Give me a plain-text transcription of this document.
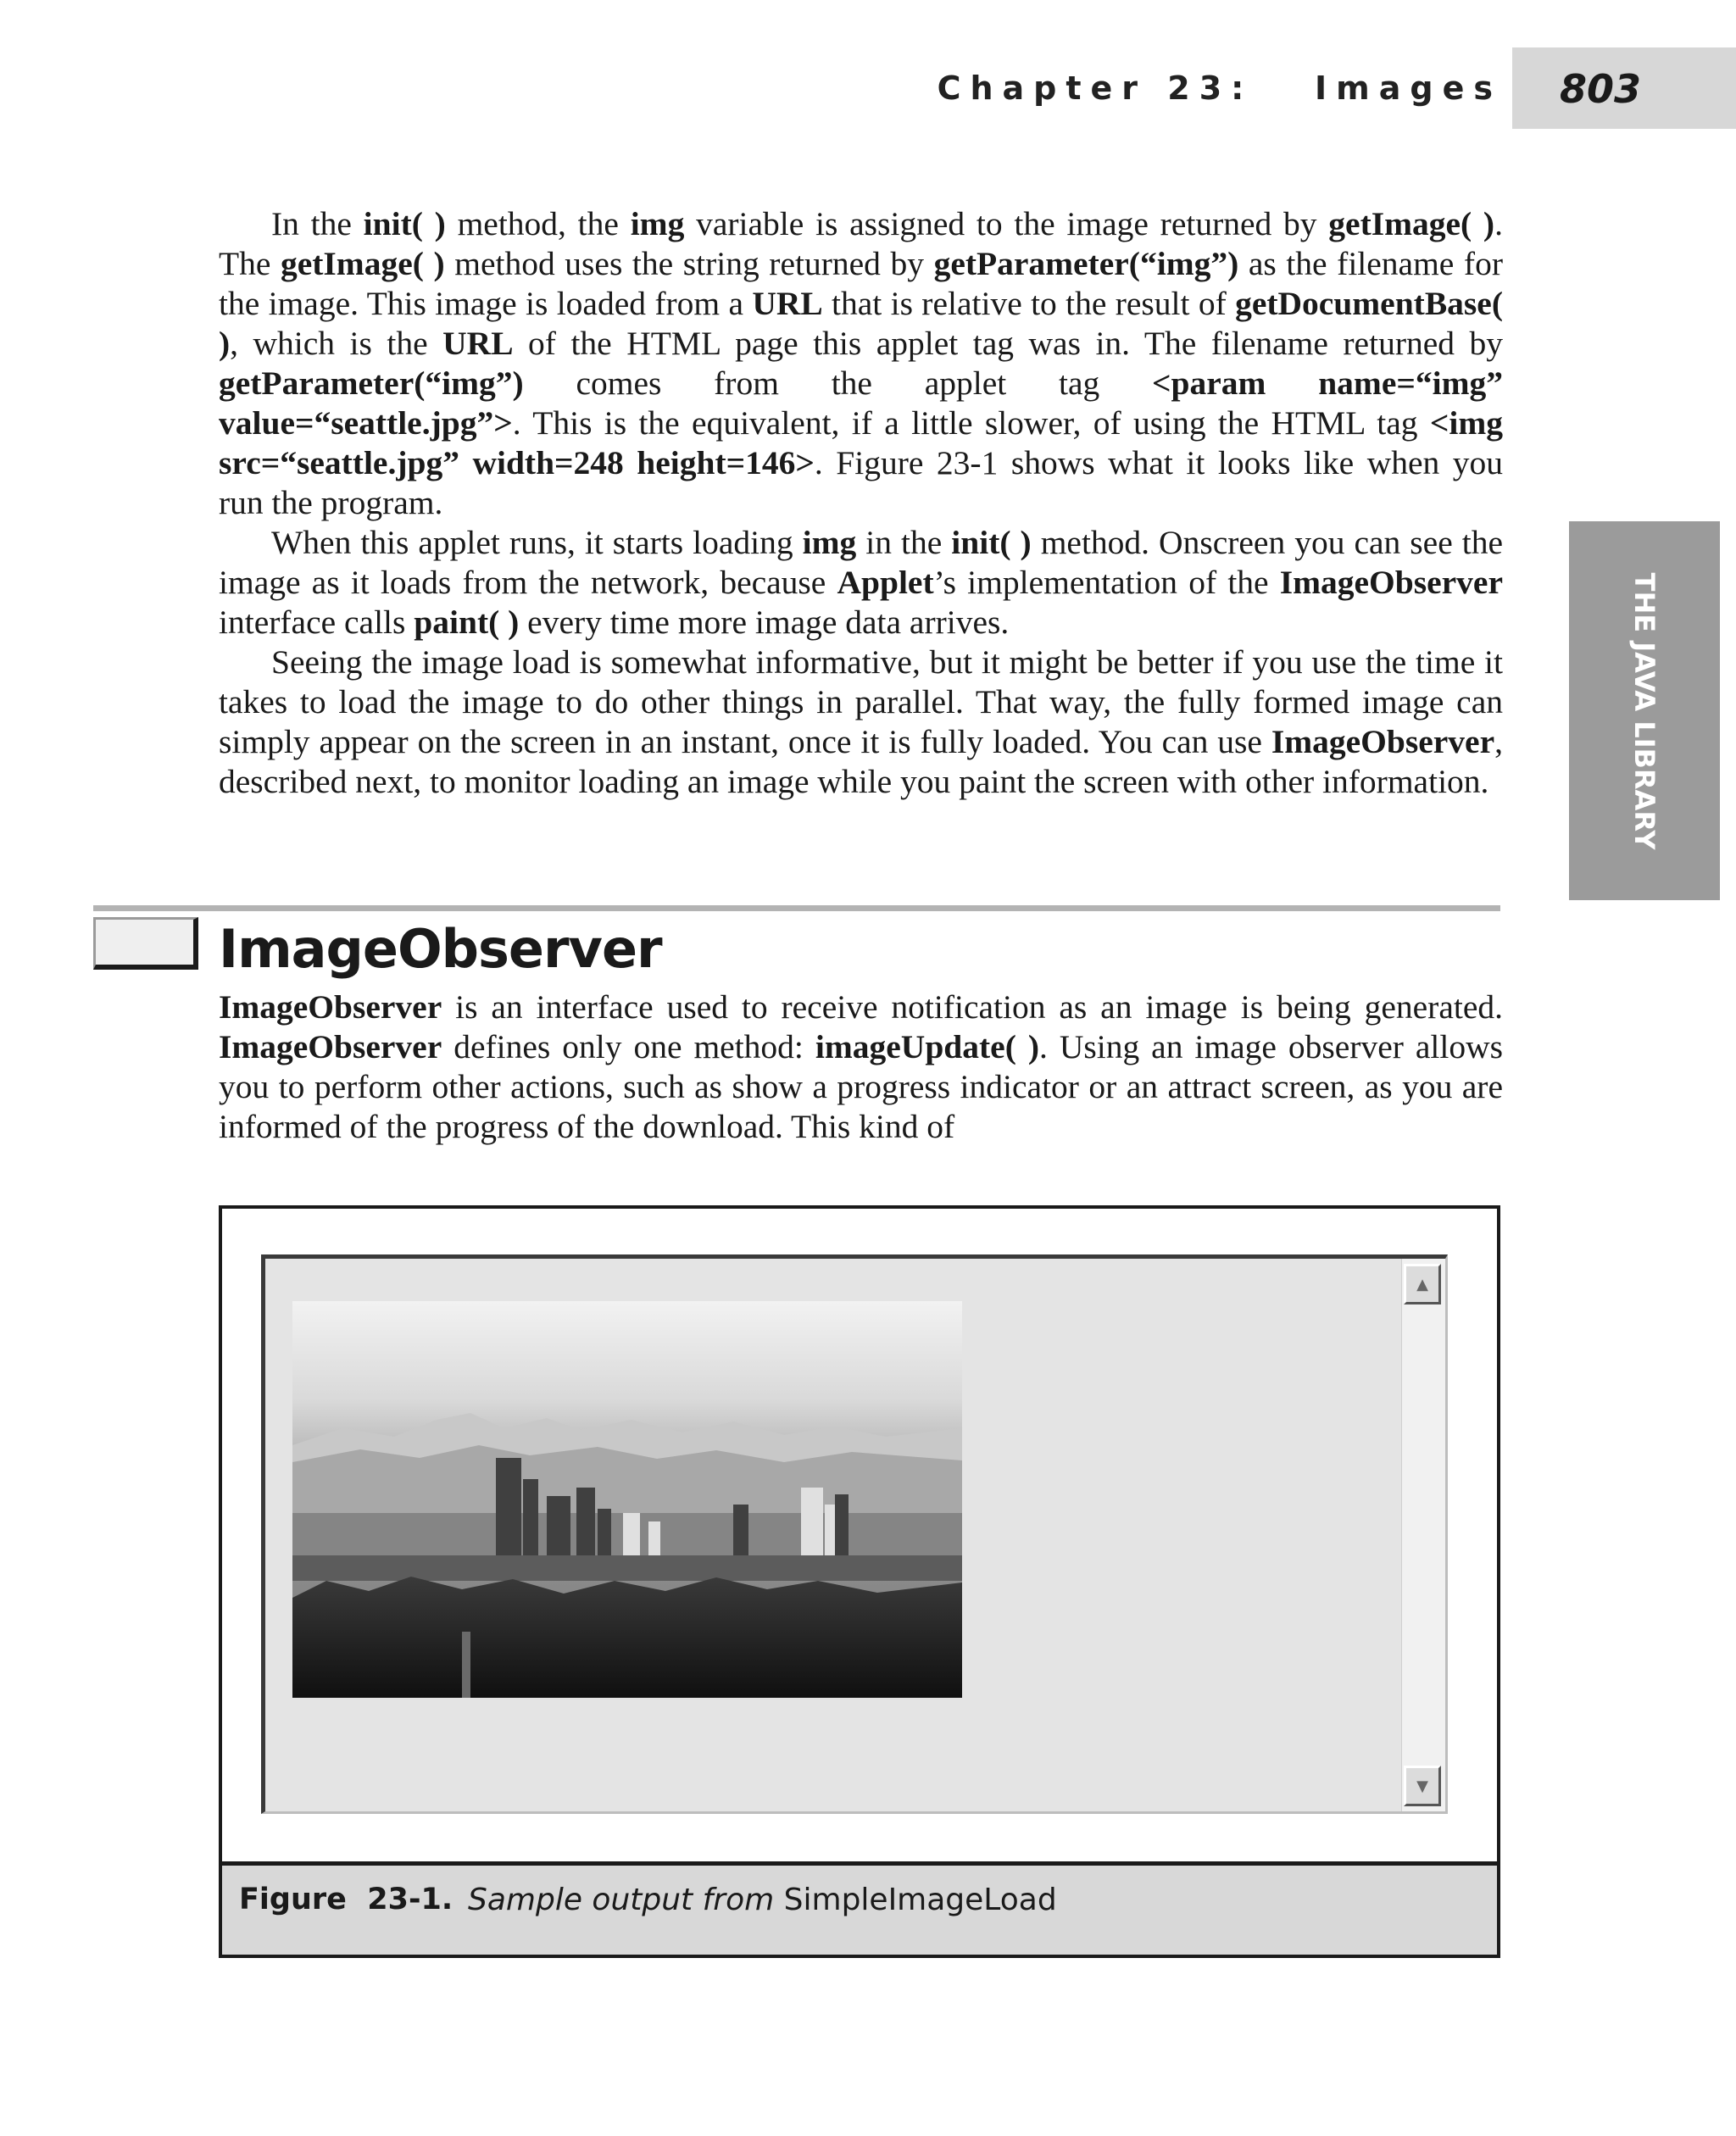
Chapter 23:   Images 803
THE JAVA LIBRARY

In the init( ) method, the img variable is assigned to the image returned by getImage( ). The getImage( ) method uses the string returned by getParameter(“img”) as the filename for the image. This image is loaded from a URL that is relative to the result of getDocumentBase( ), which is the URL of the HTML page this applet tag was in. The filename returned by getParameter(“img”) comes from the applet tag <param name=“img” value=“seattle.jpg”>. This is the equivalent, if a little slower, of using the HTML tag <img src=“seattle.jpg” width=248 height=146>. Figure 23-1 shows what it looks like when you run the program.

When this applet runs, it starts loading img in the init( ) method. Onscreen you can see the image as it loads from the network, because Applet’s implementation of the ImageObserver interface calls paint( ) every time more image data arrives.

Seeing the image load is somewhat informative, but it might be better if you use the time it takes to load the image to do other things in parallel. That way, the fully formed image can simply appear on the screen in an instant, once it is fully loaded. You can use ImageObserver, described next, to monitor loading an image while you paint the screen with other information.

ImageObserver

ImageObserver is an interface used to receive notification as an image is being generated. ImageObserver defines only one method: imageUpdate( ). Using an image observer allows you to perform other actions, such as show a progress indicator or an attract screen, as you are informed of the progress of the download. This kind of

▲
▼
Figure  23-1. Sample output from SimpleImageLoad
